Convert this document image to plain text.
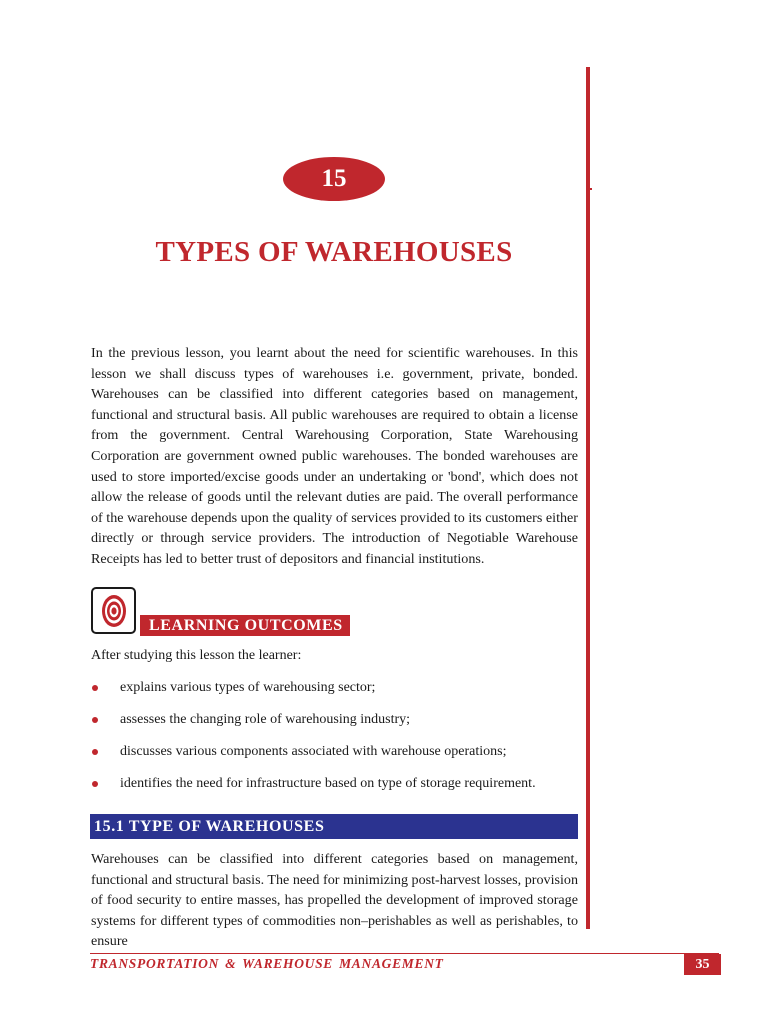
15
TYPES OF WAREHOUSES

In the previous lesson, you learnt about the need for scientific warehouses. In this lesson we shall discuss types of warehouses i.e. government, private, bonded. Warehouses can be classified into different categories based on management, functional and structural basis. All public warehouses are required to obtain a license from the government. Central Warehousing Corporation, State Warehousing Corporation are government owned public warehouses. The bonded warehouses are used to store imported/excise goods under an undertaking or 'bond', which does not allow the release of goods until the relevant duties are paid. The overall performance of the warehouse depends upon the quality of services provided to its customers either directly or through service providers. The introduction of Negotiable Warehouse Receipts has led to better trust of depositors and financial institutions.

LEARNING OUTCOMES

After studying this lesson the learner:

explains various types of warehousing sector;
assesses the changing role of warehousing industry;
discusses various components associated with warehouse operations;
identifies the need for infrastructure based on type of storage requirement.
15.1 TYPE OF WAREHOUSES

Warehouses can be classified into different categories based on management, functional and structural basis. The need for minimizing post-harvest losses, provision of food security to entire masses, has propelled the development of improved storage systems for different types of commodities non–perishables as well as perishables, to ensure

TRANSPORTATION & WAREHOUSE MANAGEMENT	35
